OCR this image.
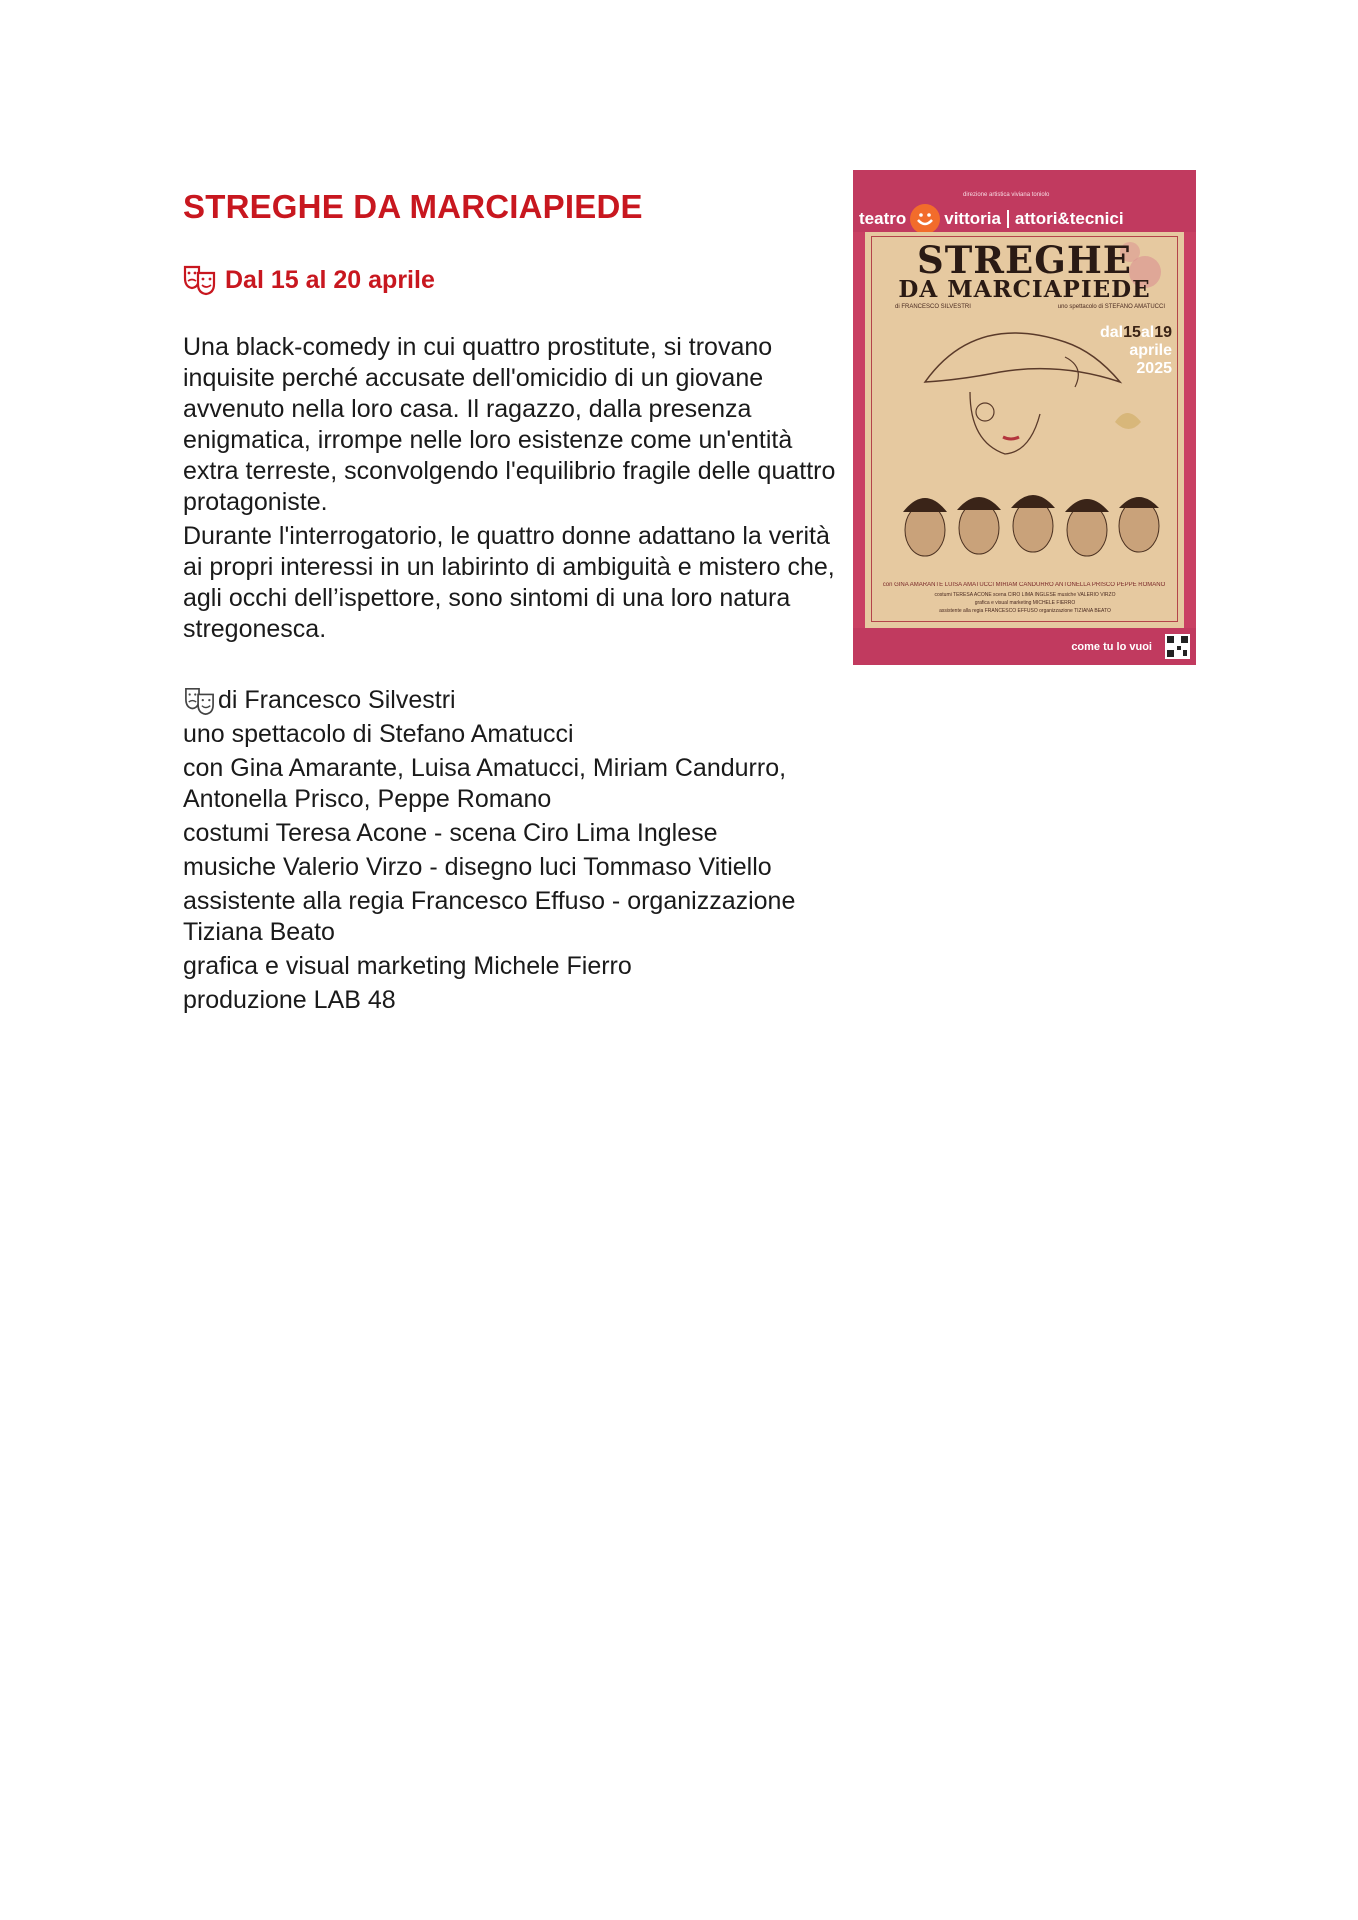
STREGHE DA MARCIAPIEDE
Dal 15 al 20 aprile

Una black-comedy in cui quattro prostitute, si trovano inquisite perché accusate dell'omicidio di un giovane avvenuto nella loro casa. Il ragazzo, dalla presenza enigmatica, irrompe nelle loro esistenze come un'entità extra terreste, sconvolgendo l'equilibrio fragile delle quattro protagoniste.

Durante l'interrogatorio, le quattro donne adattano la verità ai propri interessi in un labirinto di ambiguità e mistero che, agli occhi dell’ispettore, sono sintomi di una loro natura stregonesca.

di Francesco Silvestri
uno spettacolo di Stefano Amatucci
con Gina Amarante, Luisa Amatucci, Miriam Candurro, Antonella Prisco, Peppe Romano
costumi Teresa Acone - scena Ciro Lima Inglese
musiche Valerio Virzo - disegno luci Tommaso Vitiello
assistente alla regia Francesco Effuso - organizzazione Tiziana Beato
grafica e visual marketing Michele Fierro
produzione LAB 48
direzione artistica viviana toniolo
teatro vittoria attori&tecnici
STREGHE
DA MARCIAPIEDE
di FRANCESCO SILVESTRI	uno spettacolo di STEFANO AMATUCCI
dal15al19
aprile
2025
con GINA AMARANTE LUISA AMATUCCI MIRIAM CANDURRO ANTONELLA PRISCO PEPPE ROMANO
costumi TERESA ACONE scena CIRO LIMA INGLESE musiche VALERIO VIRZO
grafica e visual marketing MICHELE FIERRO
assistente alla regia FRANCESCO EFFUSO organizzazione TIZIANA BEATO
come tu lo vuoi
